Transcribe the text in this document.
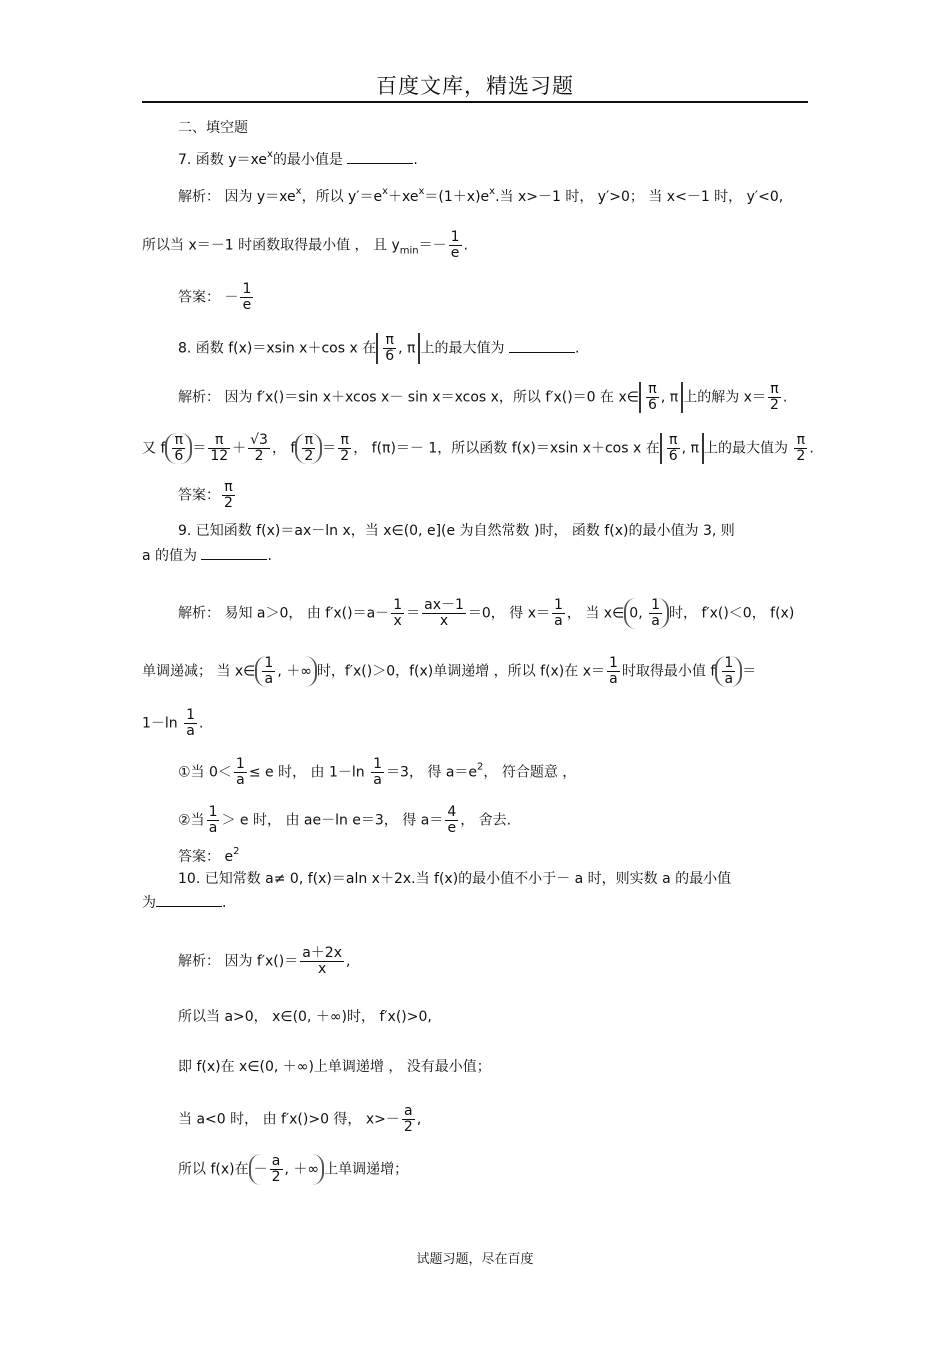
百度文库，精选习题
二、填空题
7. 函数 $y=xe^x$的最小值是	.
解析： 因为 $y=xe^x$，所以 $y'=e^x+xe^x=(1+x)e^x$.当 x>－1 时， y′>0； 当 x<－1 时， y′<0,
所以当 x＝－1 时函数取得最小值 ， 且 $y_{min}=- \frac{1}{e}$ .
答案： － $\frac{1}{e}$
8. 函数 f(x)＝xsin x＋cos x 在 $\frac{\pi}{6}$ , π 上的最大值为	.
解析： 因为 f′x()＝sin x＋xcos x－ sin x＝xcos x，所以 f′x()＝0 在 x∈ $\frac{\pi}{6}$ , π 上的解为 $x= \frac{\pi}{2}$ .
又 f $\frac{\pi}{6} = \frac{\pi}{12} + \frac{√3}{2}$ ， f $\frac{\pi}{2} = \frac{\pi}{2}$ ， f(π)＝－ 1，所以函数 f(x)＝xsin x＋cos x 在 $\frac{\pi}{6}$ , π 上的最大值为 $\frac{\pi}{2}$ .
答案： $\frac{\pi}{2}$
9. 已知函数 f(x)＝ax－ln x，当 x∈(0, e](e 为自然常数 )时， 函数 f(x)的最小值为 3, 则
a 的值为	.
解析： 易知 a＞0， 由 $f'x()=a- \frac{1}{x} = \frac{ax-1}{x} =0$， 得 $x= \frac{1}{a}$ ， 当 x∈ 0, $\frac{1}{a}$ 时， f′x()＜0， f(x)
单调递减； 当 x∈ $\frac{1}{a}$ , ＋∞ 时，f′x()＞0，f(x)单调递增 ，所以 f(x)在 $x= \frac{1}{a}$ 时取得最小值 f $\frac{1}{a}$ ＝
$1-\ln \frac{1}{a}$ .
①当 $0< \frac{1}{a} \le e$ 时， 由 $1-\ln \frac{1}{a} =3$， 得 $a=e^2$， 符合题意 ，
②当 $\frac{1}{a} > e$ 时， 由 ae－ln e＝3， 得 $a= \frac{4}{e}$ ， 舍去.
答案： $e^2$
10. 已知常数 a≠ 0, f(x)＝aln x＋2x.当 f(x)的最小值不小于－ a 时，则实数 a 的最小值
为	.
解析： 因为 $f'x()= \frac{a+2x}{x}$ ,
所以当 a>0， x∈(0, ＋∞)时， f′x()>0,
即 f(x)在 x∈(0, ＋∞)上单调递增 ， 没有最小值；
当 a<0 时， 由 f′x()>0 得， $x>- \frac{a}{2}$ ,
所以 f(x)在 － $\frac{a}{2}$ , ＋∞ 上单调递增；
试题习题，尽在百度
